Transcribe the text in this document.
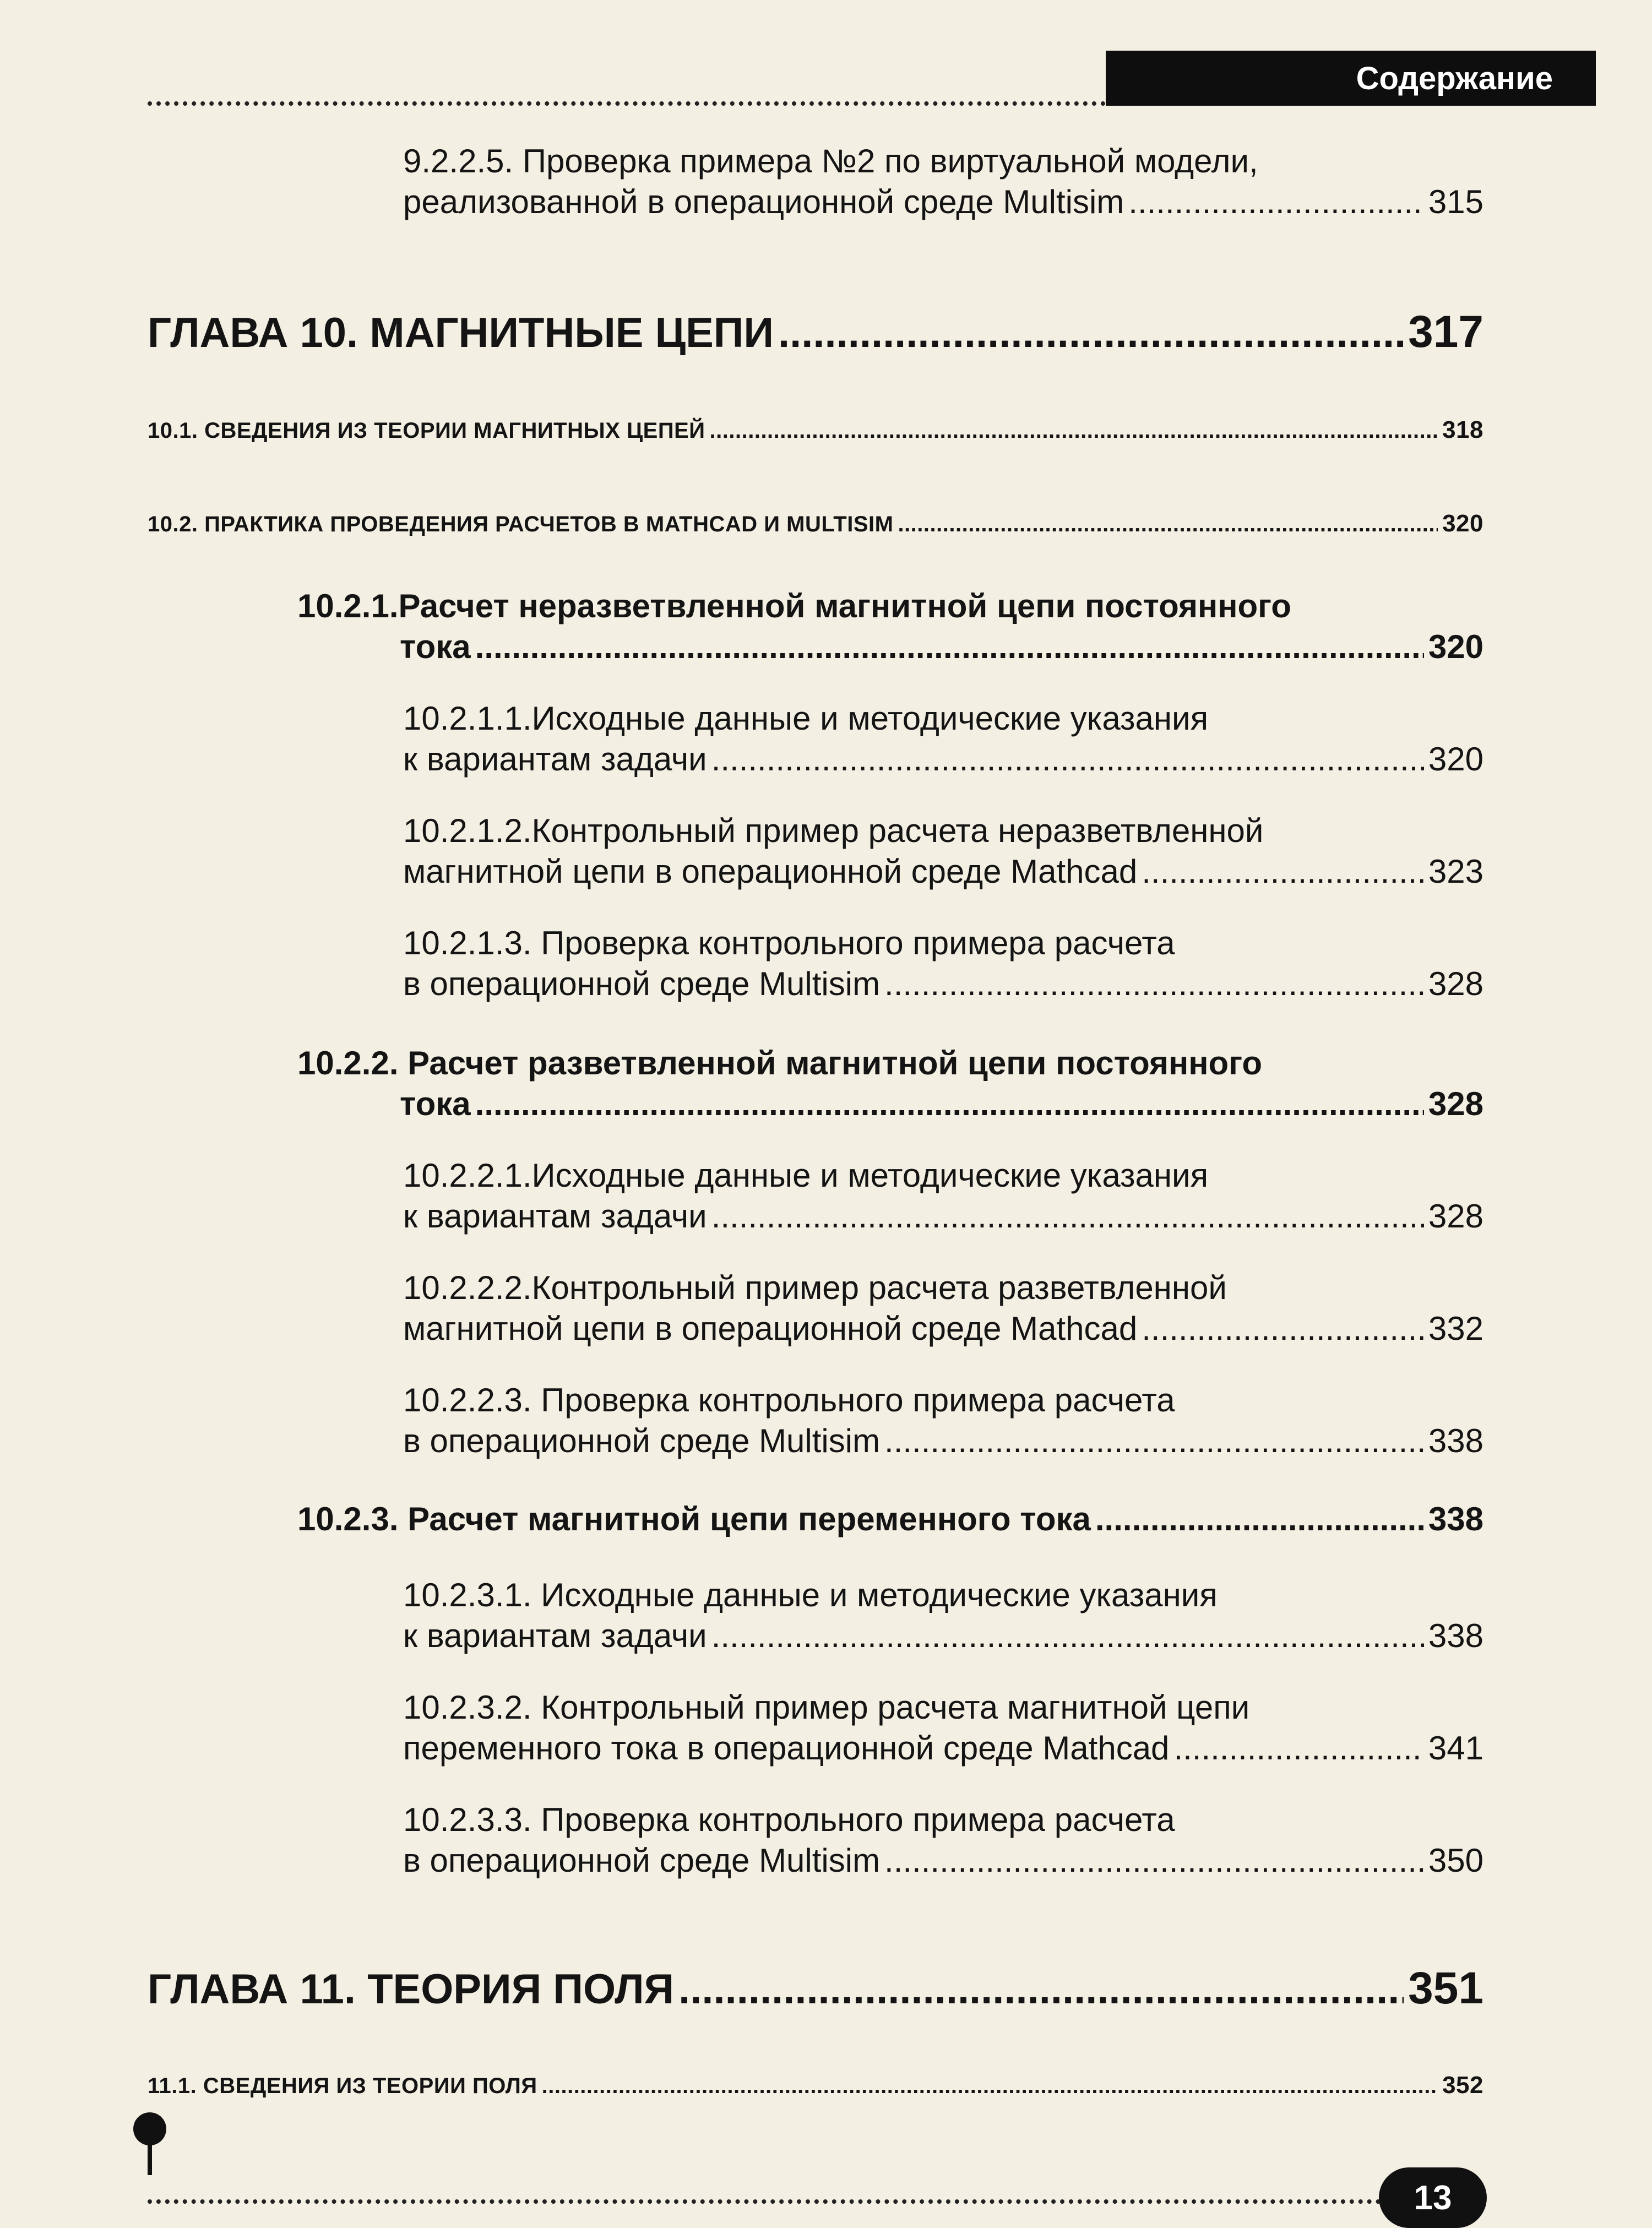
Содержание
9.2.2.5. Проверка примера №2 по виртуальной модели,
реализованной в операционной среде Multisim .....	315
ГЛАВА 10. МАГНИТНЫЕ ЦЕПИ .....	317
10.1. СВЕДЕНИЯ ИЗ ТЕОРИИ МАГНИТНЫХ ЦЕПЕЙ .....	318
10.2. ПРАКТИКА ПРОВЕДЕНИЯ РАСЧЕТОВ В MATHCAD И MULTISIM .....	320
10.2.1.Расчет неразветвленной магнитной цепи постоянного
тока .....	320
10.2.1.1.Исходные данные и методические указания
к вариантам задачи .....	320
10.2.1.2.Контрольный пример расчета неразветвленной
магнитной цепи в операционной среде Mathcad .....	323
10.2.1.3. Проверка контрольного примера расчета
в операционной среде Multisim .....	328
10.2.2. Расчет разветвленной магнитной цепи постоянного
тока .....	328
10.2.2.1.Исходные данные и методические указания
к вариантам задачи .....	328
10.2.2.2.Контрольный пример расчета разветвленной
магнитной цепи в операционной среде Mathcad .....	332
10.2.2.3. Проверка контрольного примера расчета
в операционной среде Multisim .....	338
10.2.3. Расчет магнитной цепи переменного тока .....	338
10.2.3.1. Исходные данные и методические указания
к вариантам задачи .....	338
10.2.3.2. Контрольный пример расчета магнитной цепи
переменного тока в операционной среде Mathcad .....	341
10.2.3.3. Проверка контрольного примера расчета
в операционной среде Multisim .....	350
ГЛАВА 11. ТЕОРИЯ ПОЛЯ .....	351
11.1. СВЕДЕНИЯ ИЗ ТЕОРИИ ПОЛЯ .....	352
13
